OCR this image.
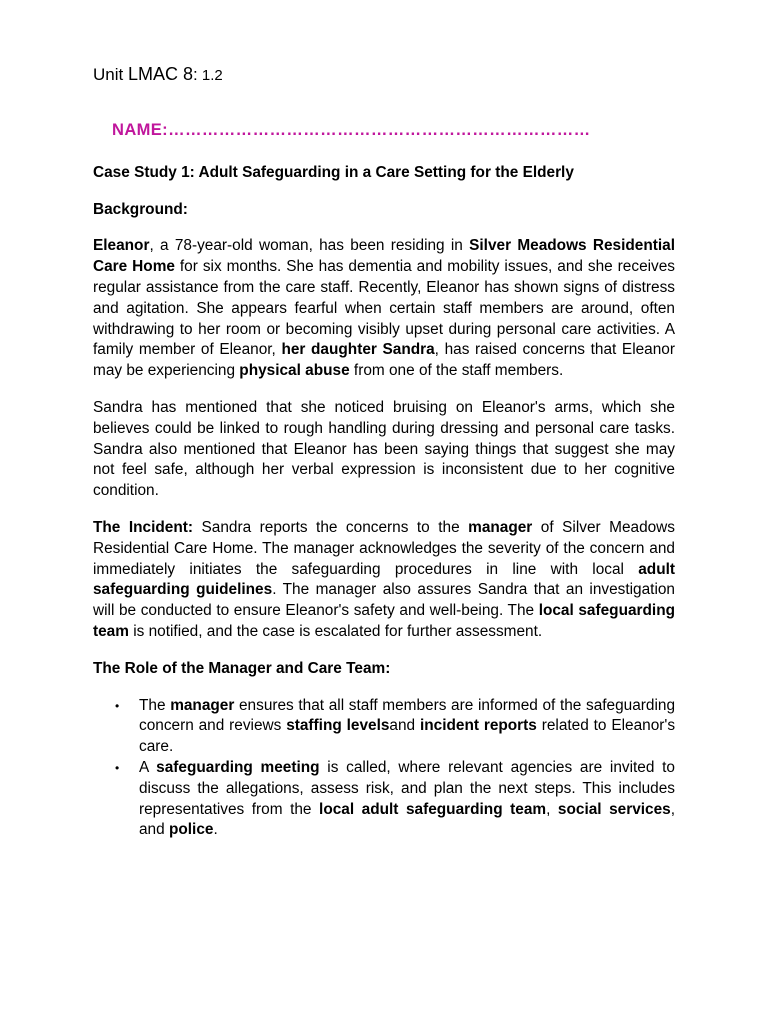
Unit LMAC 8: 1.2
NAME:…………………………………………………………………

Case Study 1: Adult Safeguarding in a Care Setting for the Elderly

Background:

Eleanor, a 78-year-old woman, has been residing in Silver Meadows Residential Care Home for six months. She has dementia and mobility issues, and she receives regular assistance from the care staff. Recently, Eleanor has shown signs of distress and agitation. She appears fearful when certain staff members are around, often withdrawing to her room or becoming visibly upset during personal care activities. A family member of Eleanor, her daughter Sandra, has raised concerns that Eleanor may be experiencing physical abuse from one of the staff members.

Sandra has mentioned that she noticed bruising on Eleanor's arms, which she believes could be linked to rough handling during dressing and personal care tasks. Sandra also mentioned that Eleanor has been saying things that suggest she may not feel safe, although her verbal expression is inconsistent due to her cognitive condition.

The Incident: Sandra reports the concerns to the manager of Silver Meadows Residential Care Home. The manager acknowledges the severity of the concern and immediately initiates the safeguarding procedures in line with local adult safeguarding guidelines. The manager also assures Sandra that an investigation will be conducted to ensure Eleanor's safety and well-being. The local safeguarding team is notified, and the case is escalated for further assessment.

The Role of the Manager and Care Team:

• The manager ensures that all staff members are informed of the safeguarding concern and reviews staffing levelsand incident reports related to Eleanor's care.
• A safeguarding meeting is called, where relevant agencies are invited to discuss the allegations, assess risk, and plan the next steps. This includes representatives from the local adult safeguarding team, social services, and police.
